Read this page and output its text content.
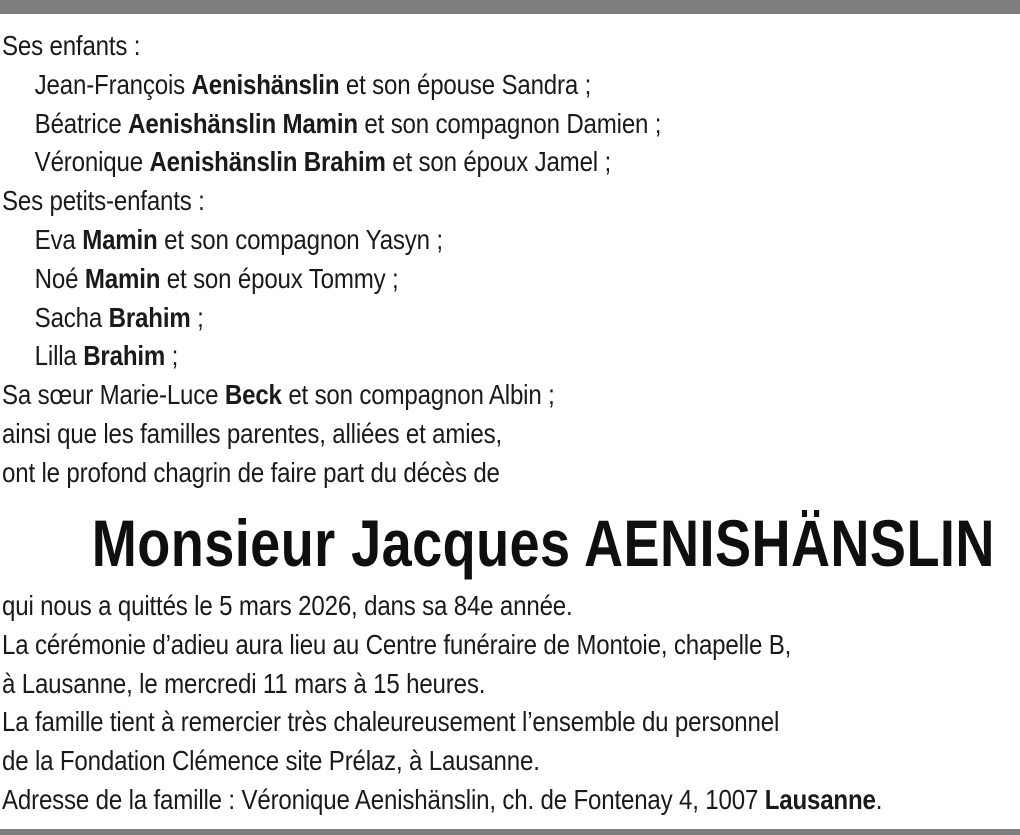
Ses enfants :
Jean-François Aenishänslin et son épouse Sandra ;
Béatrice Aenishänslin Mamin et son compagnon Damien ;
Véronique Aenishänslin Brahim et son époux Jamel ;
Ses petits-enfants :
Eva Mamin et son compagnon Yasyn ;
Noé Mamin et son époux Tommy ;
Sacha Brahim ;
Lilla Brahim ;
Sa sœur Marie-Luce Beck et son compagnon Albin ;
ainsi que les familles parentes, alliées et amies,
ont le profond chagrin de faire part du décès de
Monsieur Jacques AENISHÄNSLIN
qui nous a quittés le 5 mars 2026, dans sa 84e année.
La cérémonie d’adieu aura lieu au Centre funéraire de Montoie, chapelle B,
à Lausanne, le mercredi 11 mars à 15 heures.
La famille tient à remercier très chaleureusement l’ensemble du personnel
de la Fondation Clémence site Prélaz, à Lausanne.
Adresse de la famille : Véronique Aenishänslin, ch. de Fontenay 4, 1007 Lausanne.
